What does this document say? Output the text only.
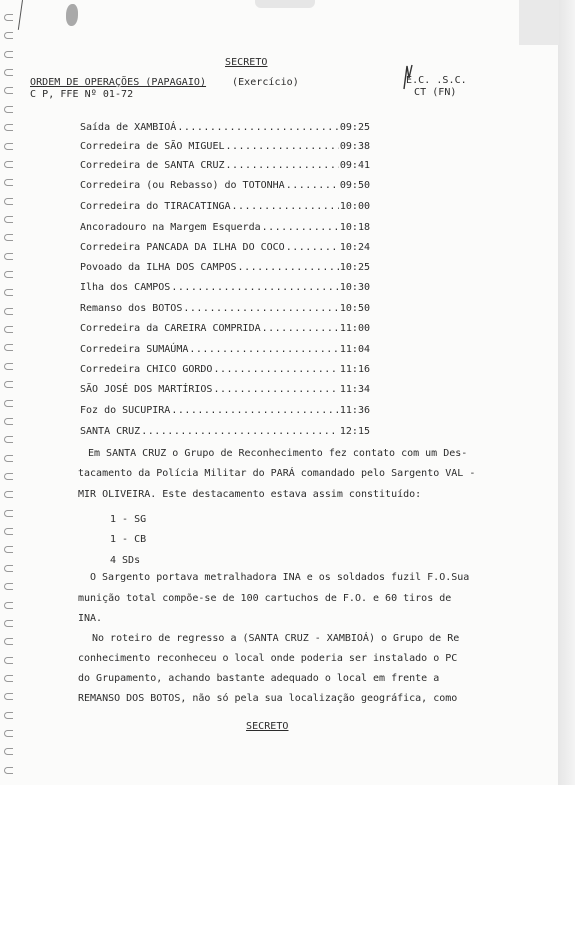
SECRETO
ORDEM DE OPERAÇÕES (PAPAGAIO)	(Exercício)
C P, FFE Nº 01-72
E.C. .S.C.
CT (FN)
Saída de XAMBIOÁ .....	09:25
Corredeira de SÃO MIGUEL .....	09:38
Corredeira de SANTA CRUZ .....	09:41
Corredeira (ou Rebasso) do TOTONHA .....	09:50
Corredeira do TIRACATINGA .....	10:00
Ancoradouro na Margem Esquerda .....	10:18
Corredeira PANCADA DA ILHA DO COCO .....	10:24
Povoado da ILHA DOS CAMPOS .....	10:25
Ilha dos CAMPOS .....	10:30
Remanso dos BOTOS .....	10:50
Corredeira da CAREIRA COMPRIDA .....	11:00
Corredeira SUMAÚMA .....	11:04
Corredeira CHICO GORDO .....	11:16
SÃO JOSÉ DOS MARTÍRIOS .....	11:34
Foz do SUCUPIRA .....	11:36
SANTA CRUZ .....	12:15
Em SANTA CRUZ o Grupo de Reconhecimento fez contato com um Des-
tacamento da Polícia Militar do PARÁ comandado pelo Sargento VAL -
MIR OLIVEIRA. Este destacamento estava assim constituído:
1 - SG
1 - CB
4 SDs
O Sargento portava metralhadora INA e os soldados fuzil F.O.Sua
munição total compõe-se de 100 cartuchos de F.O. e 60 tiros de
INA.
No roteiro de regresso a (SANTA CRUZ - XAMBIOÁ) o Grupo de Re
conhecimento reconheceu o local onde poderia ser instalado o PC
do Grupamento, achando bastante adequado o local em frente a
REMANSO DOS BOTOS, não só pela sua localização geográfica, como
SECRETO
